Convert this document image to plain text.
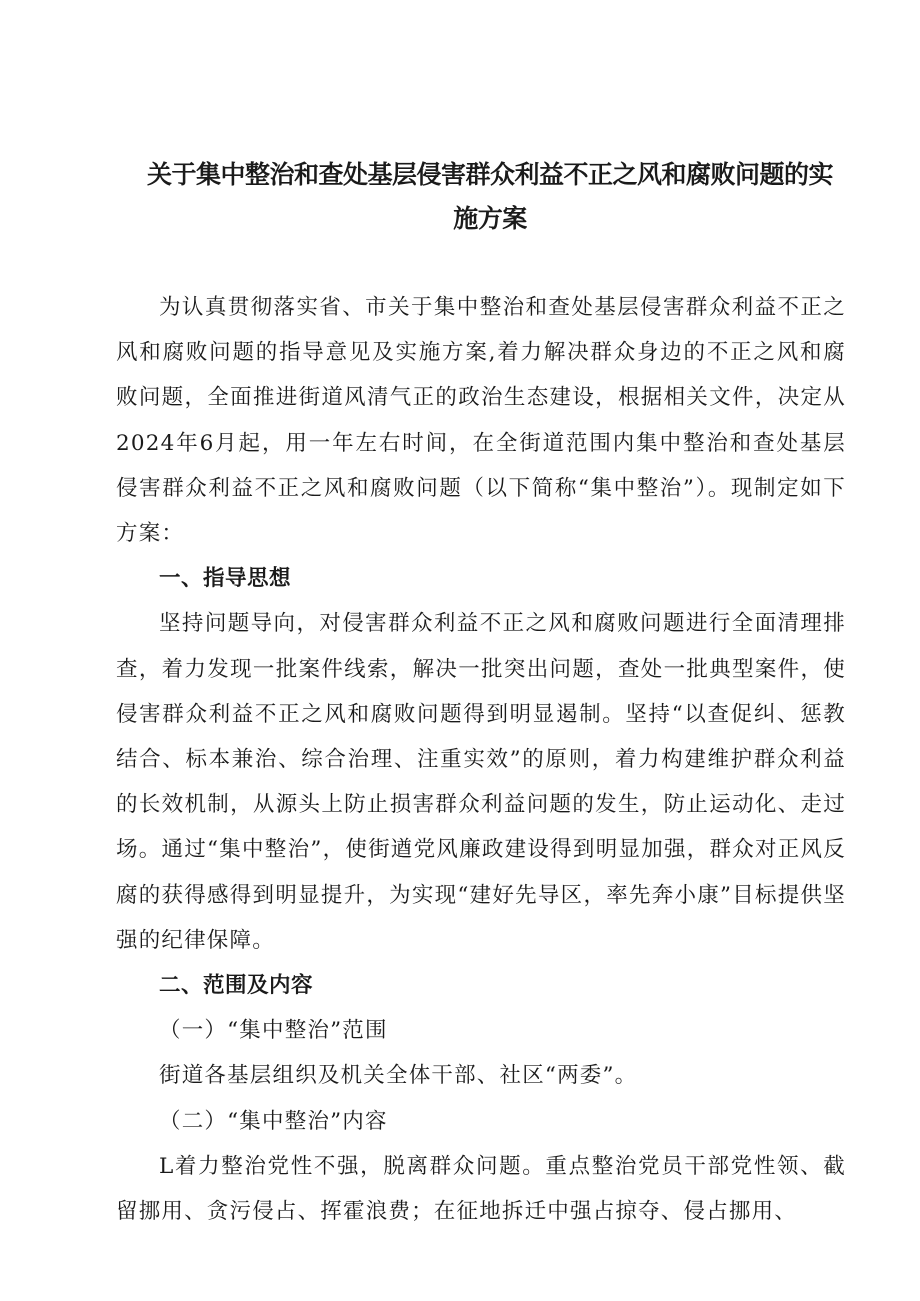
关于集中整治和查处基层侵害群众利益不正之风和腐败问题的实
施方案

为认真贯彻落实省、市关于集中整治和查处基层侵害群众利益不正之风和腐败问题的指导意见及实施方案,着力解决群众身边的不正之风和腐败问题，全面推进街道风清气正的政治生态建设，根据相关文件，决定从2024年6月起，用一年左右时间，在全街道范围内集中整治和查处基层侵害群众利益不正之风和腐败问题（以下简称“集中整治”）。现制定如下方案：

一、指导思想

坚持问题导向，对侵害群众利益不正之风和腐败问题进行全面清理排查，着力发现一批案件线索，解决一批突出问题，查处一批典型案件，使侵害群众利益不正之风和腐败问题得到明显遏制。坚持“以查促纠、惩教结合、标本兼治、综合治理、注重实效”的原则，着力构建维护群众利益的长效机制，从源头上防止损害群众利益问题的发生，防止运动化、走过场。通过“集中整治”，使街遒党风廉政建设得到明显加强，群众对正风反腐的获得感得到明显提升，为实现“建好先导区，率先奔小康”目标提供坚强的纪律保障。

二、范围及内容

（一）“集中整治”范围

街道各基层组织及机关全体干部、社区“两委”。

（二）“集中整治”内容

L着力整治党性不强，脱离群众问题。重点整治党员干部党性领、截留挪用、贪污侵占、挥霍浪费；在征地拆迁中强占掠夺、侵占挪用、
